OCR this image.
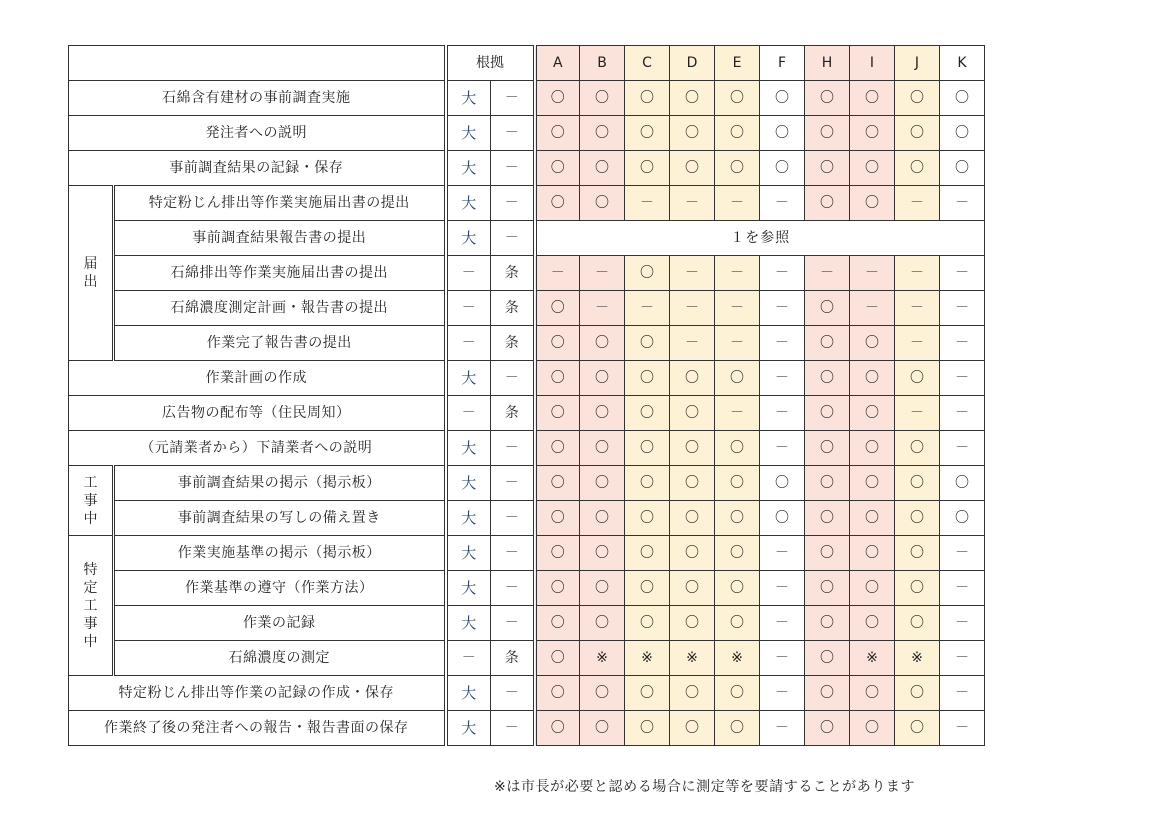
		根拠		A	B	C	D	E	F	H	I	J	K
石綿含有建材の事前調査実施		大	－	〇	〇	〇	〇	〇	〇	〇	〇	〇	〇
発注者への説明		大	－	〇	〇	〇	〇	〇	〇	〇	〇	〇	〇
事前調査結果の記録・保存		大	－	〇	〇	〇	〇	〇	〇	〇	〇	〇	〇

届出	特定粉じん排出等作業実施届出書の提出	大	－	〇	〇	－	－	－	－	〇	〇	－	－
	事前調査結果報告書の提出	大	－	１を参照									
	石綿排出等作業実施届出書の提出	－	条	－	－	〇	－	－	－	－	－	－	－
	石綿濃度測定計画・報告書の提出	－	条	〇	－	－	－	－	－	〇	－	－	－
	作業完了報告書の提出	－	条	〇	〇	〇	－	－	－	〇	〇	－	－
作業計画の作成		大	－	〇	〇	〇	〇	〇	－	〇	〇	〇	－
広告物の配布等（住民周知）		－	条	〇	〇	〇	〇	－	－	〇	〇	－	－
（元請業者から）下請業者への説明		大	－	〇	〇	〇	〇	〇	－	〇	〇	〇	－

工事中	事前調査結果の掲示（掲示板）	大	－	〇	〇	〇	〇	〇	〇	〇	〇	〇	〇
	事前調査結果の写しの備え置き	大	－	〇	〇	〇	〇	〇	〇	〇	〇	〇	〇

特定工事中	作業実施基準の掲示（掲示板）	大	－	〇	〇	〇	〇	〇	－	〇	〇	〇	－
	作業基準の遵守（作業方法）	大	－	〇	〇	〇	〇	〇	－	〇	〇	〇	－
	作業の記録	大	－	〇	〇	〇	〇	〇	－	〇	〇	〇	－
	石綿濃度の測定	－	条	〇	※	※	※	※	－	〇	※	※	－
特定粉じん排出等作業の記録の作成・保存		大	－	〇	〇	〇	〇	〇	－	〇	〇	〇	－
作業終了後の発注者への報告・報告書面の保存		大	－	〇	〇	〇	〇	〇	－	〇	〇	〇	－
※は市長が必要と認める場合に測定等を要請することがあります
